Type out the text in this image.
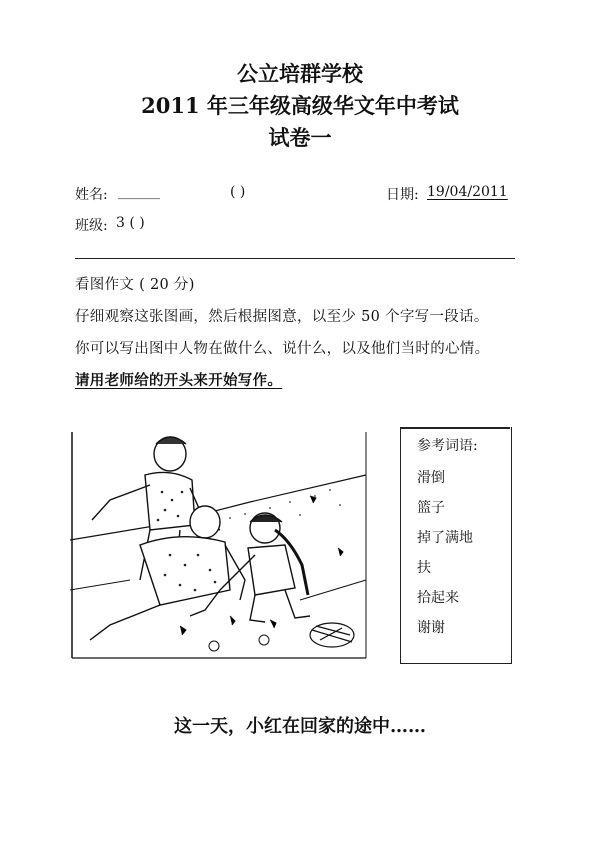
公立培群学校
2011 年三年级高级华文年中考试
试卷一
姓名: ______	( )	日期: 19/04/2011
班级: 3 ( )
看图作文 ( 20 分)
仔细观察这张图画，然后根据图意，以至少 50 个字写一段话。
你可以写出图中人物在做什么、说什么，以及他们当时的心情。
请用老师给的开头来开始写作。
参考词语:
滑倒
篮子
掉了满地
扶
拾起来
谢谢
这一天，小红在回家的途中……
